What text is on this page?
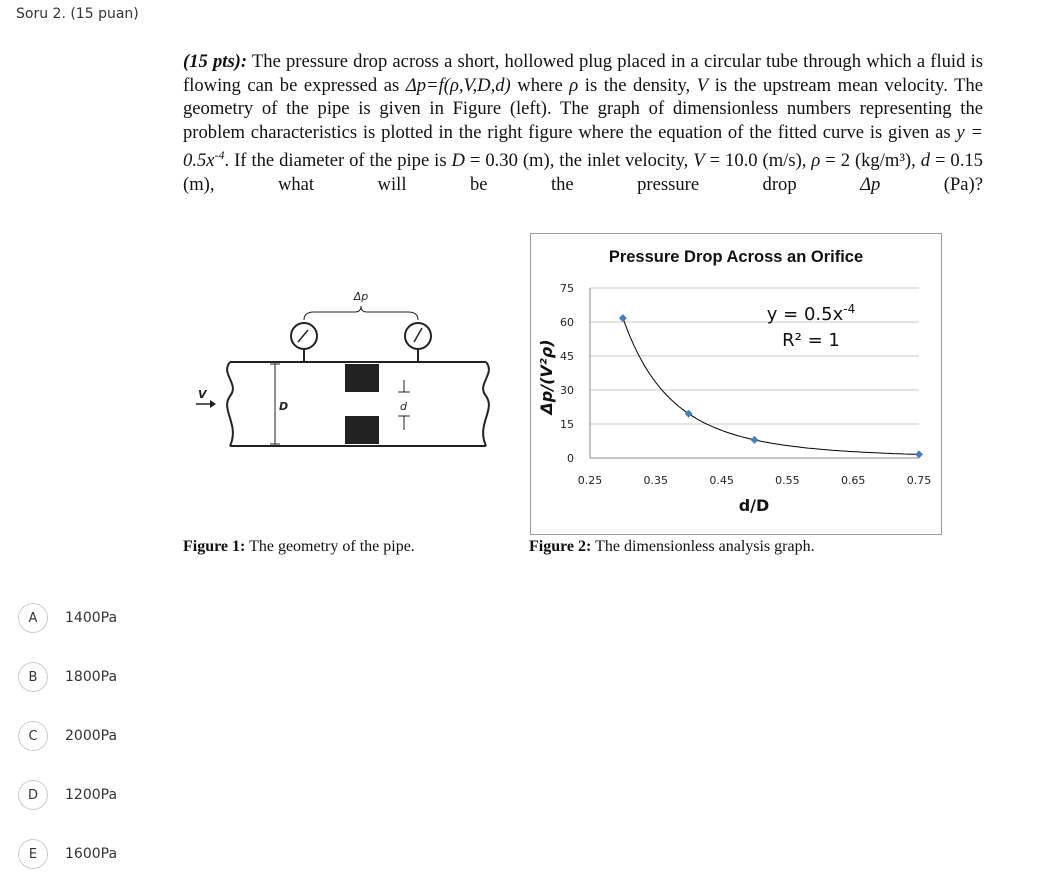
Soru 2. (15 puan)
(15 pts): The pressure drop across a short, hollowed plug placed in a circular tube through which a fluid is flowing can be expressed as Δp=f(ρ,V,D,d) where ρ is the density, V is the upstream mean velocity. The geometry of the pipe is given in Figure (left). The graph of dimensionless numbers representing the problem characteristics is plotted in the right figure where the equation of the fitted curve is given as $y = 0.5x^{-4}$. If the diameter of the pipe is D = 0.30 (m), the inlet velocity, V = 10.0 (m/s), ρ = 2 (kg/m³), d = 0.15 (m), what will be the pressure drop Δp (Pa)?
Δp
V
D	d
Figure 1: The geometry of the pipe.
Pressure Drop Across an Orifice
0
15
30
45
60
75
0.25	0.35	0.45	0.55	0.65	0.75
$y = 0.5x^{-4}$
R² = 1
d/D
Δp/(V²ρ)
Figure 2: The dimensionless analysis graph.
A	1400Pa
B	1800Pa
C	2000Pa
D	1200Pa
E	1600Pa
